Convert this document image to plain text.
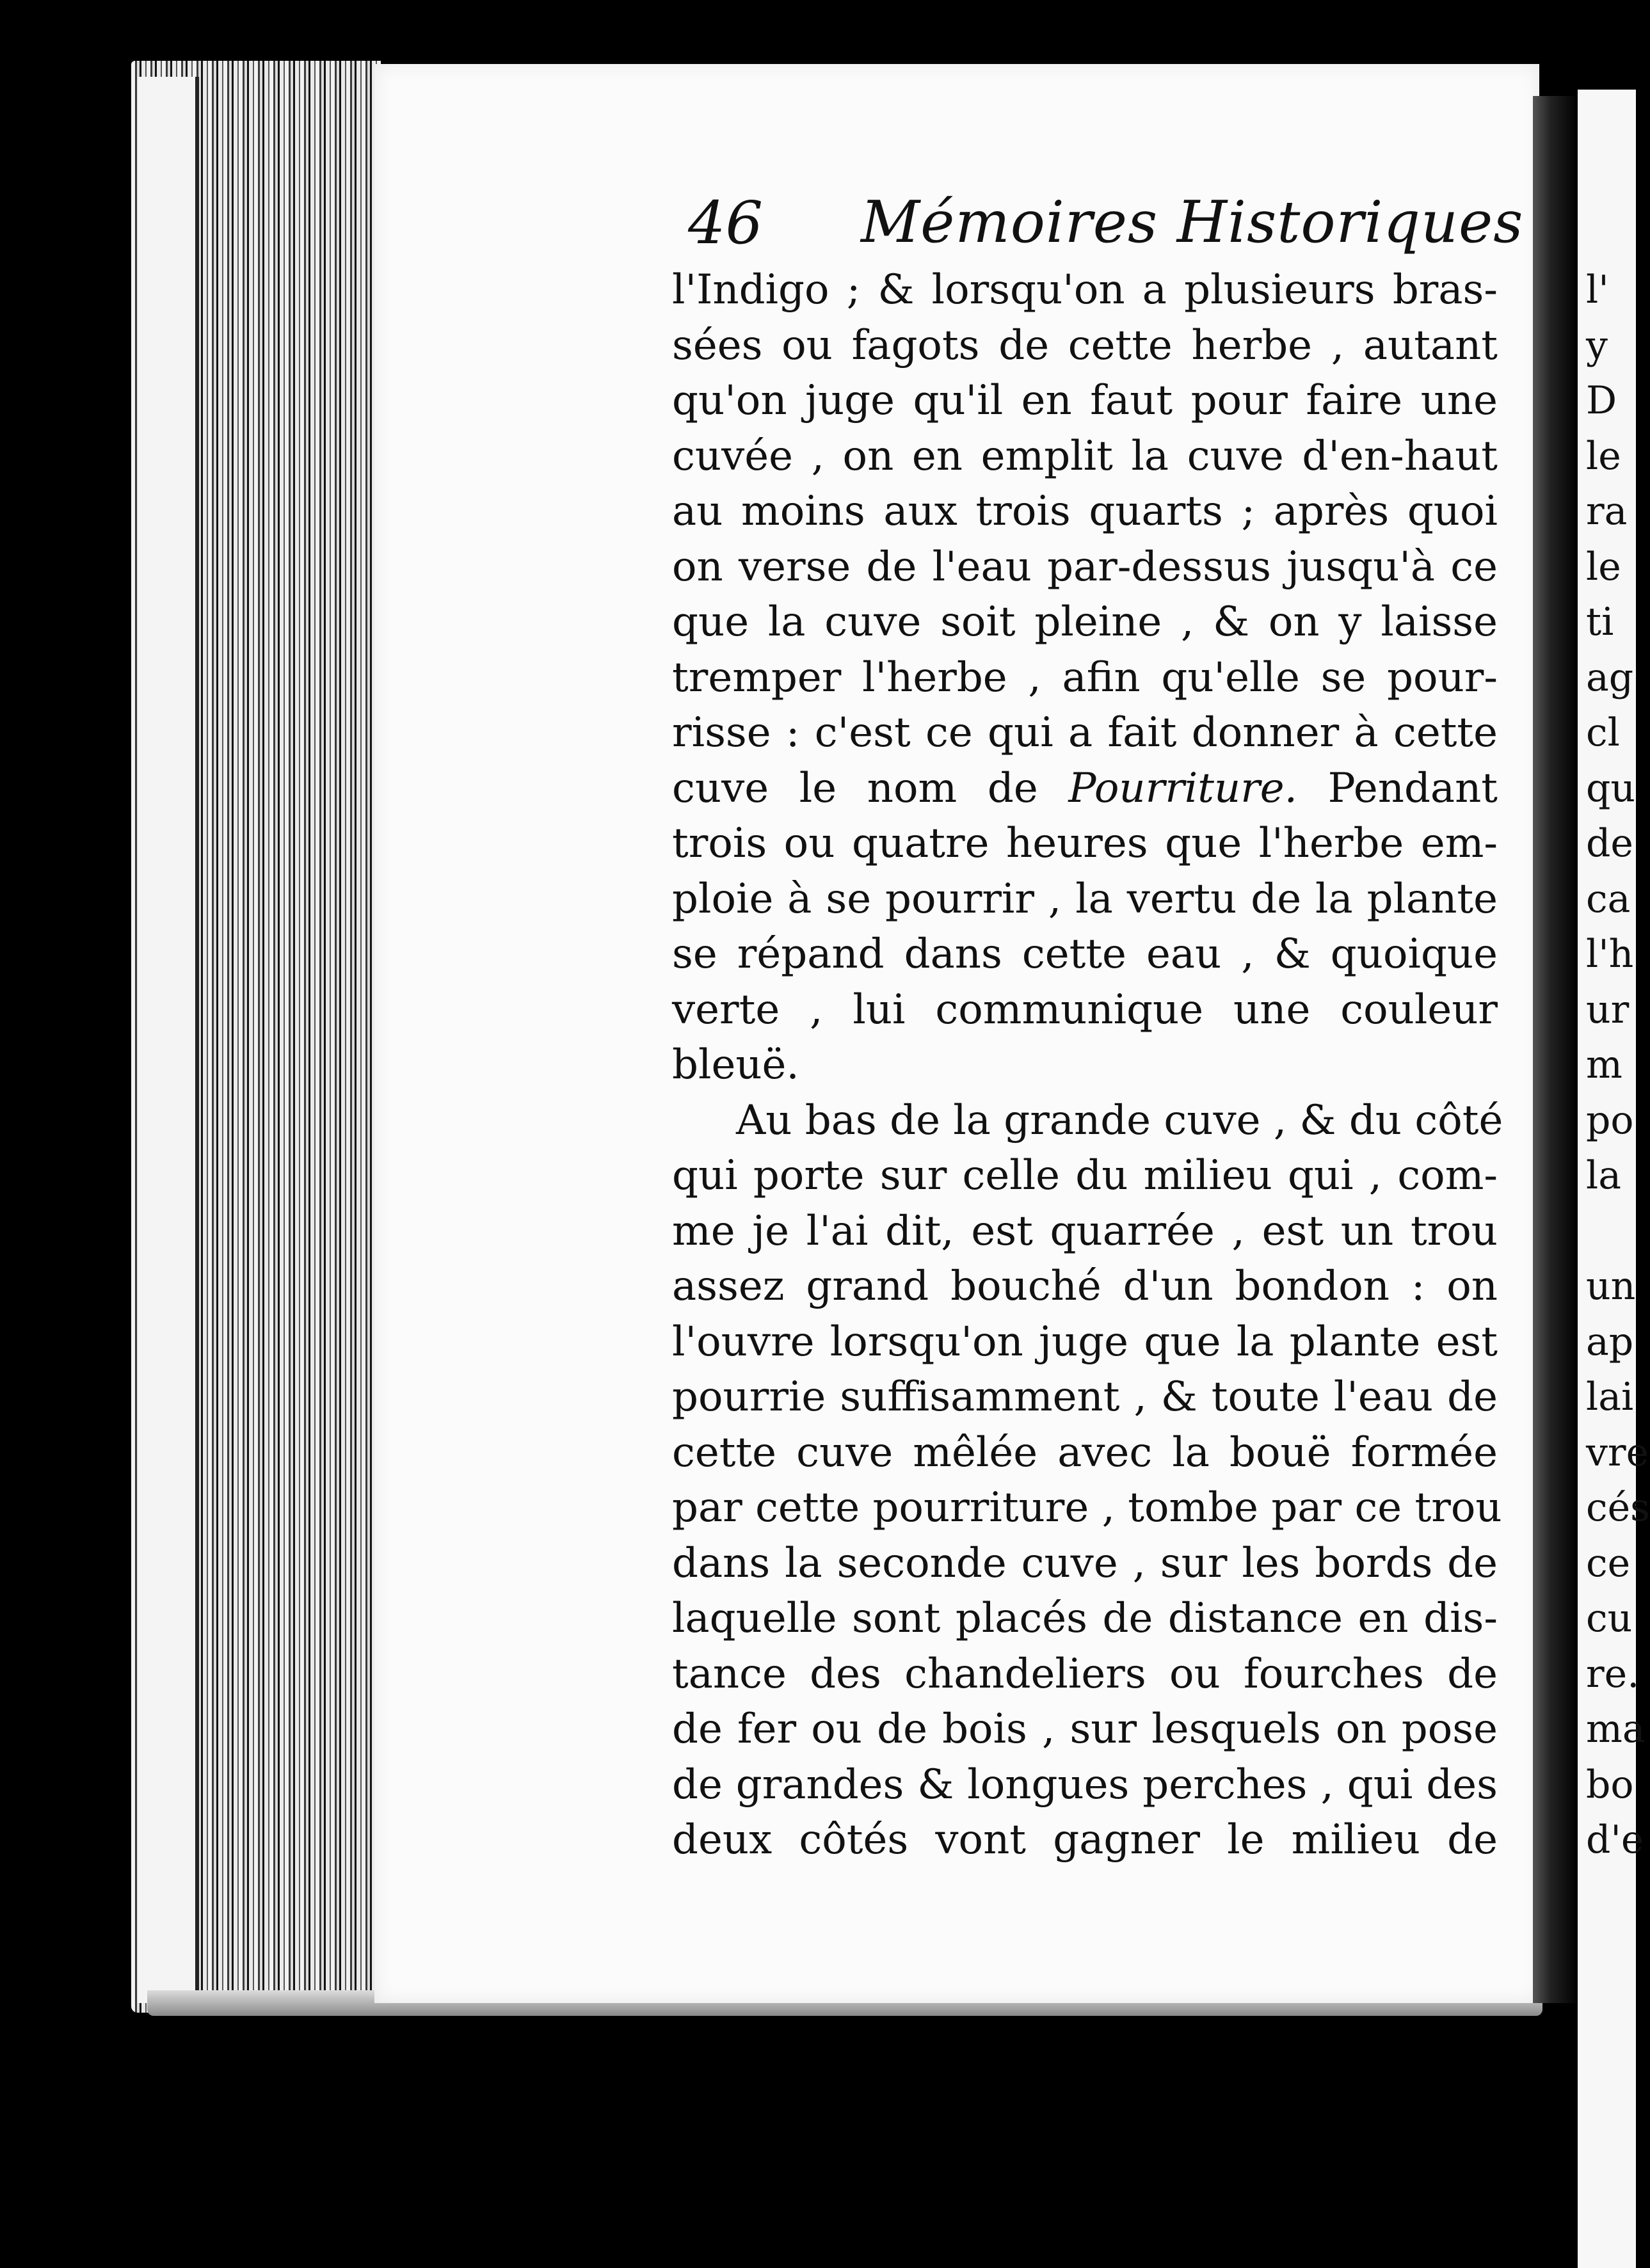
46 Mémoires Historiques
l'Indigo ; & lorsqu'on a plusieurs bras-
sées ou fagots de cette herbe , autant
qu'on juge qu'il en faut pour faire une
cuvée , on en emplit la cuve d'en-haut
au moins aux trois quarts ; après quoi
on verse de l'eau par-dessus jusqu'à ce
que la cuve soit pleine , & on y laisse
tremper l'herbe , afin qu'elle se pour-
risse : c'est ce qui a fait donner à cette
cuve le nom de Pourriture. Pendant
trois ou quatre heures que l'herbe em-
ploie à se pourrir , la vertu de la plante
se répand dans cette eau , & quoique
verte , lui communique une couleur
bleuë.
Au bas de la grande cuve , & du côté
qui porte sur celle du milieu qui , com-
me je l'ai dit, est quarrée , est un trou
assez grand bouché d'un bondon : on
l'ouvre lorsqu'on juge que la plante est
pourrie suffisamment , & toute l'eau de
cette cuve mêlée avec la bouë formée
par cette pourriture , tombe par ce trou
dans la seconde cuve , sur les bords de
laquelle sont placés de distance en dis-
tance des chandeliers ou fourches de
de fer ou de bois , sur lesquels on pose
de grandes & longues perches , qui des
deux côtés vont gagner le milieu de
l'
y
D
le
ra
le
ti
ag
cl
qu
de
ca
l'h
ur
m
po
la
un
ap
lai
vre
cés
ce
cu
re.
ma
bo
d'e
